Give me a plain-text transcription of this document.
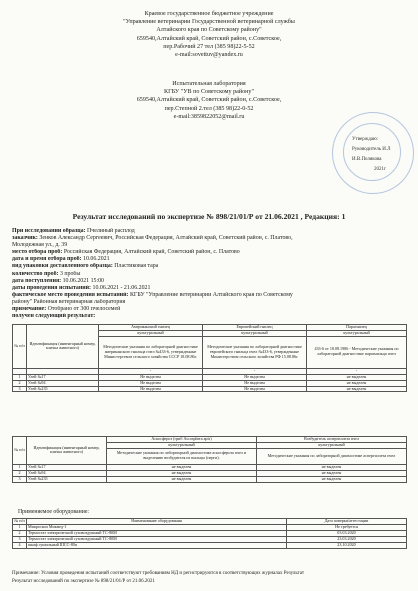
Краевое государственное бюджетное учреждение
"Управление ветеринарии Государственной ветеринарной службы
Алтайского края по Советскому району"
659540,Алтайский край, Советский район, с.Советское,
пер.Рабочий 27 тел (385 98)22-5-52
e-mail:sovettuv@yandex.ru
Испытательная лаборатория
КГБУ "УВ по Советскому району"
659540,Алтайский край, Советский район, с.Советское,
пер.Степной 2.тел (385 98)22-0-52
e-mail:3859822052@mail.ru
Утверждаю:
Руководитель И.Л
И.В.Полякова
2021г
Результат исследований по экспертизе № 898/21/01/Р от 21.06.2021 , Редакция: 1
При исследовании образца: Пчелиный расплод
заказчик: Зенков Александр Сергеевич, Российская Федерация, Алтайский край, Советский район, с. Платово,
Молодежная ул., д. 39
место отбора проб: Российская Федерация, Алтайский край, Советский район, с. Платово
дата и время отбора проб: 10.06.2021
вид упаковки доставленного образца: Пластиковая тара
количество проб: 3 пробы
дата поступления: 10.06.2021 15:00
даты проведения испытаний: 10.06.2021 - 21.06.2021
фактическое место проведения испытаний: КГБУ "Управление ветеринарии Алтайского края по Советскому
району" Районная ветеринарная лаборатория
примечание: Отобрано от 300 пчелосемей
получен следующий результат:
№ п/п	Идентификация (инвентарный номер, кличка животного)	Американский гнилец	Европейский гнилец	Парагнилец
		культуральный	культуральный	культуральный
		Методические указания по лабораторной диагностике американского гнильца пчел №433-6, утвержденные Министерством сельского хозяйства СССР 18.08.86г.	Методические указания по лабораторной диагностике европейского гнильца пчел №433-6, утвержденные Министерством сельского хозяйства РФ 15.08.86г.	433-6 от 18.08.1986 - Методические указания по лабораторной диагностике парагнильца пчел
		-	-	-
1	Улей №17	Не выделен	Не выделен	не выделен
2	Улей №94	Не выделен	Не выделен	не выделен
3	Улей №235	Не выделен	Не выделен	не выделен
№ п/п	Идентификация (инвентарный номер, кличка животного)	Аскосфероз (гриб Ascosphera apis)	Возбудитель аспергиллеза пчел
		культуральный	культуральный
		Методические указания по лабораторной диагностике аскосфероза пчел и выделению возбудителя из пыльцы (перги).	Методические указания по лабораторной диагностике аспергиллеза пчел
1	Улей №17	не выделен	не выделен
2	Улей №94	не выделен	не выделен
3	Улей №235	не выделен	не выделен
Применяемое оборудование:
№ п/п	Наименование оборудования	Дата поверки/аттестации
1	Микроскоп Микмед-1	Не требуется
2	Термостат электрический суховоздушный ТС-80М	03.03.2020
3	Термостат электрический суховоздушный ТС-80М	23.03.2020
4	шкаф сушильный ШСС-80п	23.10.2020
Примечание: Условия проведения испытаний соответствуют требованиям НД и регистрируются в соответствующих журналах Результат
Результат исследований по экспертизе № 898/21/01/Р от 21.06.2021
